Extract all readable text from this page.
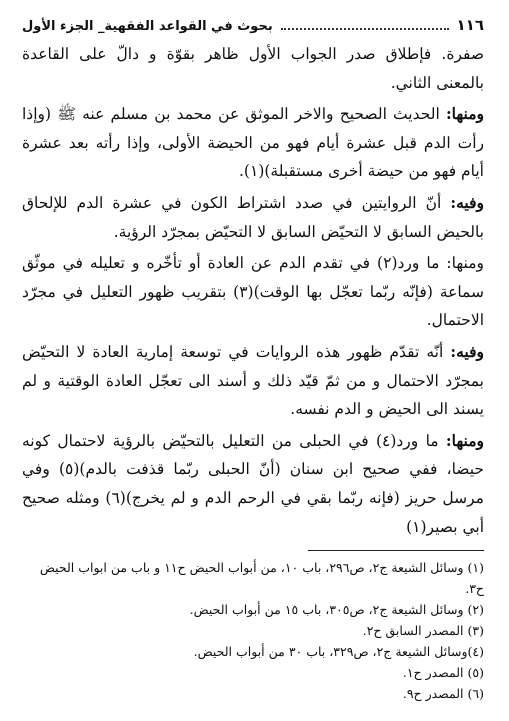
١١٦
بحوث في القواعد الفقهية_ الجزء الأول

صفرة. فإطلاق صدر الجواب الأول ظاهر بقوّة و دالّ على القاعدة بالمعنى الثاني.

ومنها: الحديث الصحيح والاخر الموثق عن محمد بن مسلم عنه ﷺ (وإذا رأت الدم قبل عشرة أيام فهو من الحيضة الأولى، وإذا رأته بعد عشرة أيام فهو من حيضة أخرى مستقبلة)(١).

وفيه: أنّ الروايتين في صدد اشتراط الكون في عشرة الدم للإلحاق بالحيض السابق لا التحيّض السابق لا التحيّض بمجرّد الرؤية.

ومنها: ما ورد(٢) في تقدم الدم عن العادة أو تأخّره و تعليله في موثّق سماعة (فإنّه ربّما تعجّل بها الوقت)(٣) بتقريب ظهور التعليل في مجرّد الاحتمال.

وفيه: أنّه تقدّم ظهور هذه الروايات في توسعة إمارية العادة لا التحيّض بمجرّد الاحتمال و من ثمّ قيّد ذلك و أسند الى تعجّل العادة الوقتية و لم يسند الى الحيض و الدم نفسه.

ومنها: ما ورد(٤) في الحبلى من التعليل بالتحيّض بالرؤية لاحتمال كونه حيضا، ففي صحيح ابن سنان (أنّ الحبلى ربّما قذفت بالدم)(٥) وفي مرسل حريز (فإنه ربّما بقي في الرحم الدم و لم يخرج)(٦) ومثله صحيح أبي بصير(١)

(١) وسائل الشيعة ج٢، ص٢٩٦، باب ١٠، من أبواب الحيض ح١١ و باب من ابواب الحيض ح٣.

(٢) وسائل الشيعة ج٢، ص٣٠٥، باب ١٥ من أبواب الحيض.

(٣) المصدر السابق ح٢.

(٤)وسائل الشيعة ج٢، ص٣٢٩، باب ٣٠ من أبواب الحيض.

(٥) المصدر ح١.

(٦) المصدر ح٩.
